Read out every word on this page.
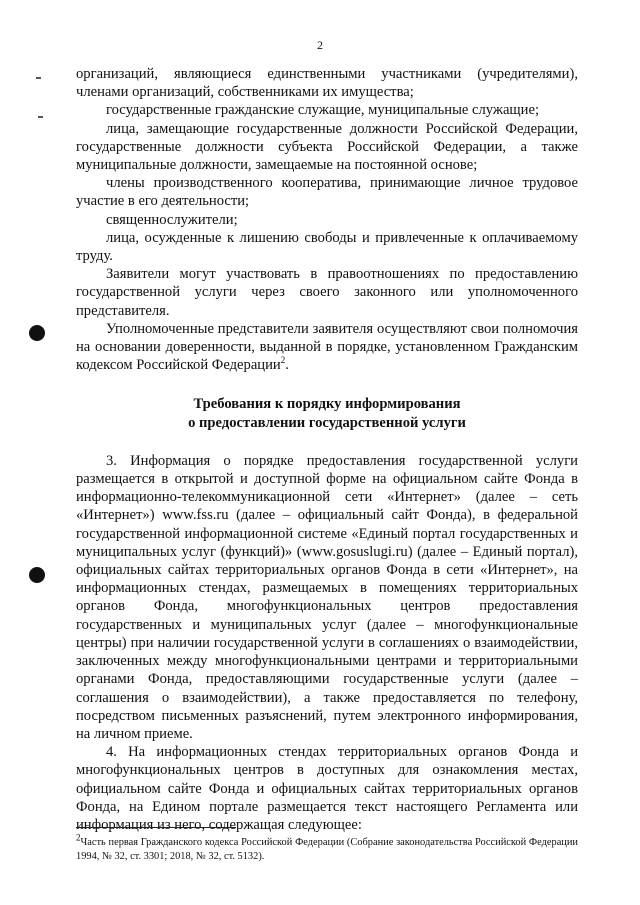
2

организаций, являющиеся единственными участниками (учредителями), членами организаций, собственниками их имущества;

государственные гражданские служащие, муниципальные служащие;

лица, замещающие государственные должности Российской Федерации, государственные должности субъекта Российской Федерации, а также муниципальные должности, замещаемые на постоянной основе;

члены производственного кооператива, принимающие личное трудовое участие в его деятельности;

священнослужители;

лица, осужденные к лишению свободы и привлеченные к оплачиваемому труду.

Заявители могут участвовать в правоотношениях по предоставлению государственной услуги через своего законного или уполномоченного представителя.

Уполномоченные представители заявителя осуществляют свои полномочия на основании доверенности, выданной в порядке, установленном Гражданским кодексом Российской Федерации$^2$.

Требования к порядку информирования

о предоставлении государственной услуги

3. Информация о порядке предоставления государственной услуги размещается в открытой и доступной форме на официальном сайте Фонда в информационно-телекоммуникационной сети «Интернет» (далее – сеть «Интернет») www.fss.ru (далее – официальный сайт Фонда), в федеральной государственной информационной системе «Единый портал государственных и муниципальных услуг (функций)» (www.gosuslugi.ru) (далее – Единый портал), официальных сайтах территориальных органов Фонда в сети «Интернет», на информационных стендах, размещаемых в помещениях территориальных органов Фонда, многофункциональных центров предоставления государственных и муниципальных услуг (далее – многофункциональные центры) при наличии государственной услуги в соглашениях о взаимодействии, заключенных между многофункциональными центрами и территориальными органами Фонда, предоставляющими государственные услуги (далее – соглашения о взаимодействии), а также предоставляется по телефону, посредством письменных разъяснений, путем электронного информирования, на личном приеме.

4. На информационных стендах территориальных органов Фонда и многофункциональных центров в доступных для ознакомления местах, официальном сайте Фонда и официальных сайтах территориальных органов Фонда, на Едином портале размещается текст настоящего Регламента или информация из него, содержащая следующее:

2Часть первая Гражданского кодекса Российской Федерации (Собрание законодательства Российской Федерации 1994, № 32, ст. 3301; 2018, № 32, ст. 5132).
